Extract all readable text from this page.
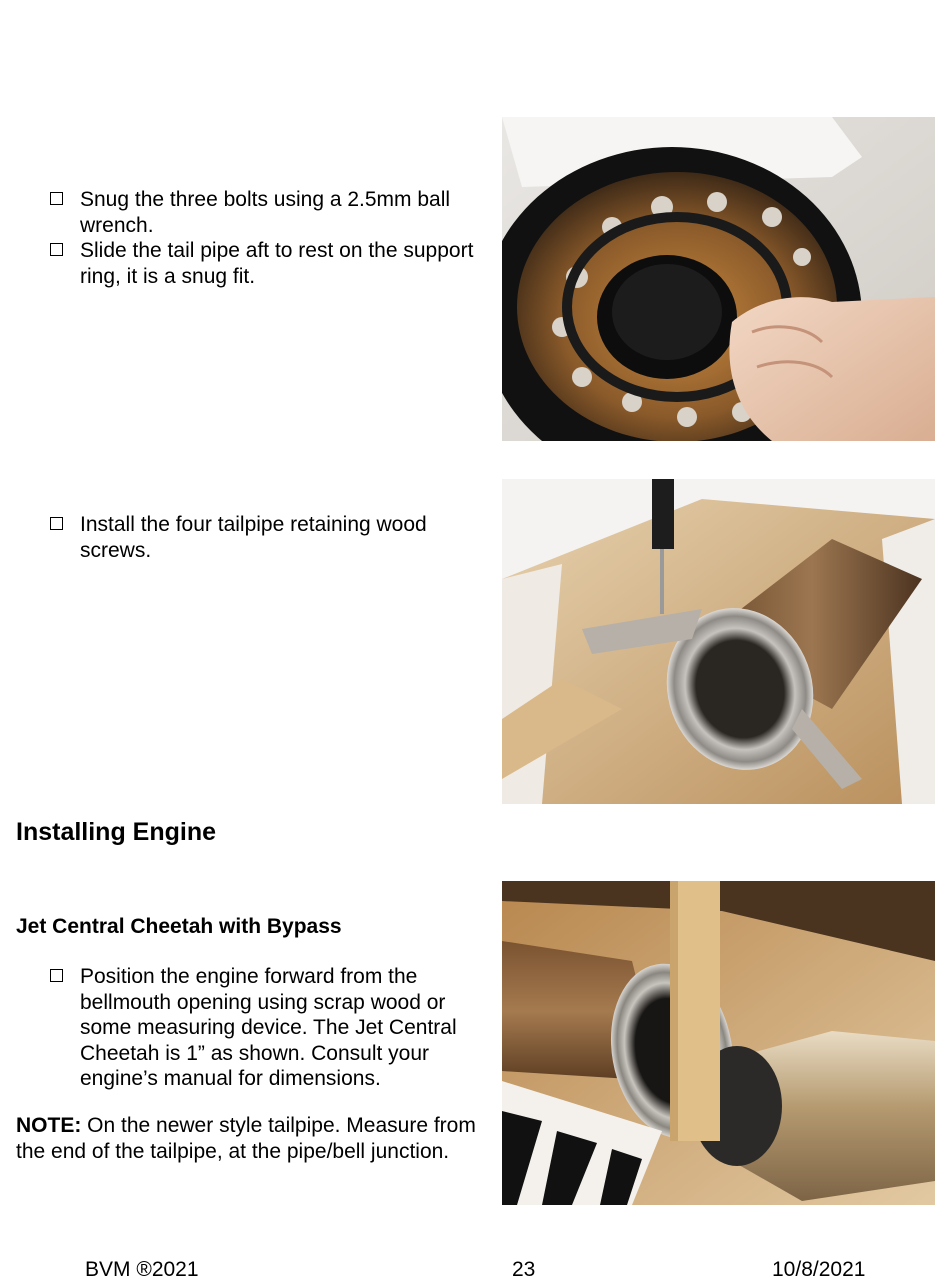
Snug the three bolts using a 2.5mm ball wrench.
Slide the tail pipe aft to rest on the support ring, it is a snug fit.
Install the four tailpipe retaining wood screws.
Installing Engine
Jet Central Cheetah with Bypass
Position the engine forward from the bellmouth opening using scrap wood or some measuring device. The Jet Central Cheetah is 1” as shown. Consult your engine’s manual for dimensions.
NOTE: On the newer style tailpipe. Measure from the end of the tailpipe, at the pipe/bell junction.
BVM ®2021	23	10/8/2021
